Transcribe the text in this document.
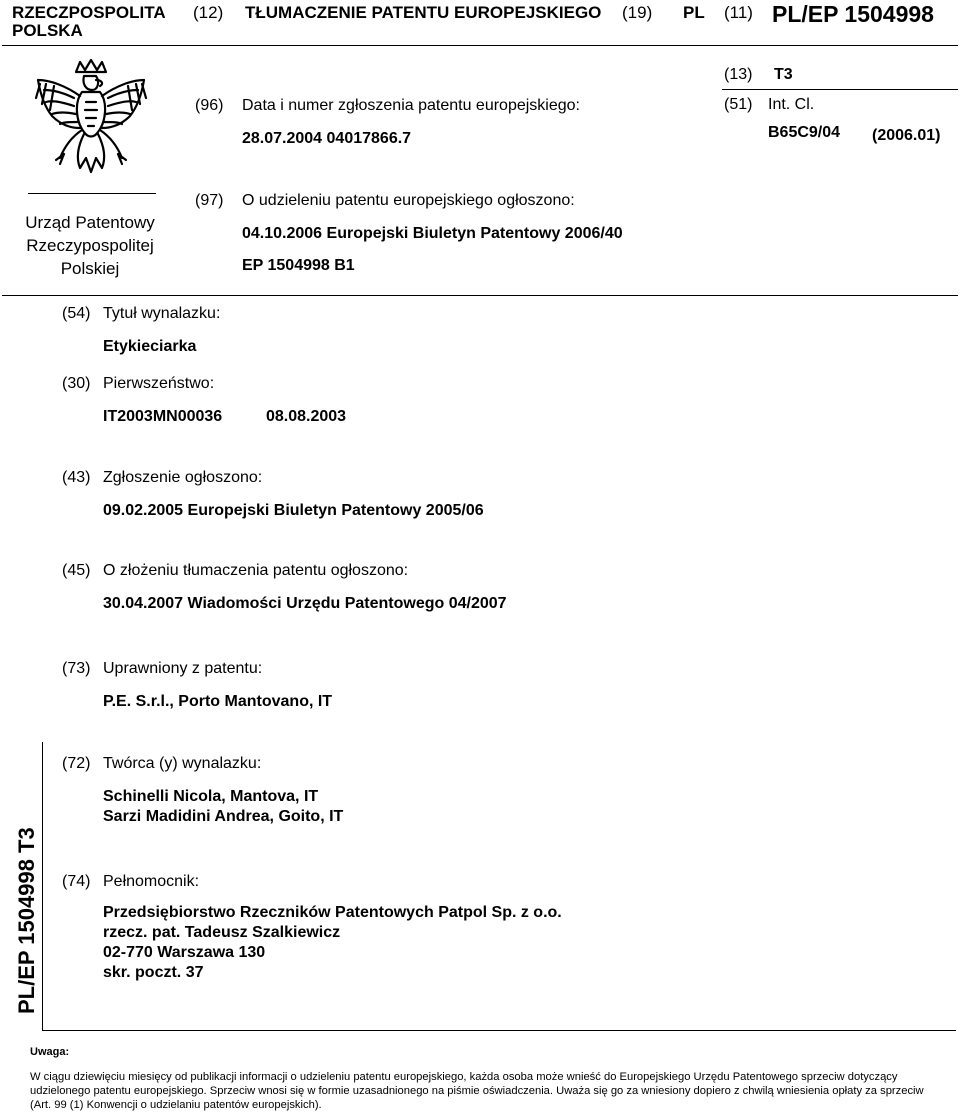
RZECZPOSPOLITA
POLSKA
(12) TŁUMACZENIE PATENTU EUROPEJSKIEGO (19) PL (11) PL/EP 1504998
Urząd Patentowy
Rzeczypospolitej
Polskiej
(13) T3
(51) Int. Cl.
B65C9/04 (2006.01)
(96) Data i numer zgłoszenia patentu europejskiego:
28.07.2004 04017866.7
(97) O udzieleniu patentu europejskiego ogłoszono:
04.10.2006 Europejski Biuletyn Patentowy 2006/40
EP 1504998 B1
(54) Tytuł wynalazku:
Etykieciarka
(30) Pierwszeństwo:
IT2003MN00036	08.08.2003
(43) Zgłoszenie ogłoszono:
09.02.2005 Europejski Biuletyn Patentowy 2005/06
(45) O złożeniu tłumaczenia patentu ogłoszono:
30.04.2007 Wiadomości Urzędu Patentowego 04/2007
(73) Uprawniony z patentu:
P.E. S.r.l., Porto Mantovano, IT
PL/EP 1504998 T3
(72) Twórca (y) wynalazku:
Schinelli Nicola, Mantova, IT
Sarzi Madidini Andrea, Goito, IT
(74) Pełnomocnik:
Przedsiębiorstwo Rzeczników Patentowych Patpol Sp. z o.o.
rzecz. pat. Tadeusz Szalkiewicz
02-770 Warszawa 130
skr. poczt. 37
Uwaga:
W ciągu dziewięciu miesięcy od publikacji informacji o udzieleniu patentu europejskiego, każda osoba może wnieść do Europejskiego Urzędu Patentowego sprzeciw dotyczący udzielonego patentu europejskiego. Sprzeciw wnosi się w formie uzasadnionego na piśmie oświadczenia. Uważa się go za wniesiony dopiero z chwilą wniesienia opłaty za sprzeciw (Art. 99 (1) Konwencji o udzielaniu patentów europejskich).
